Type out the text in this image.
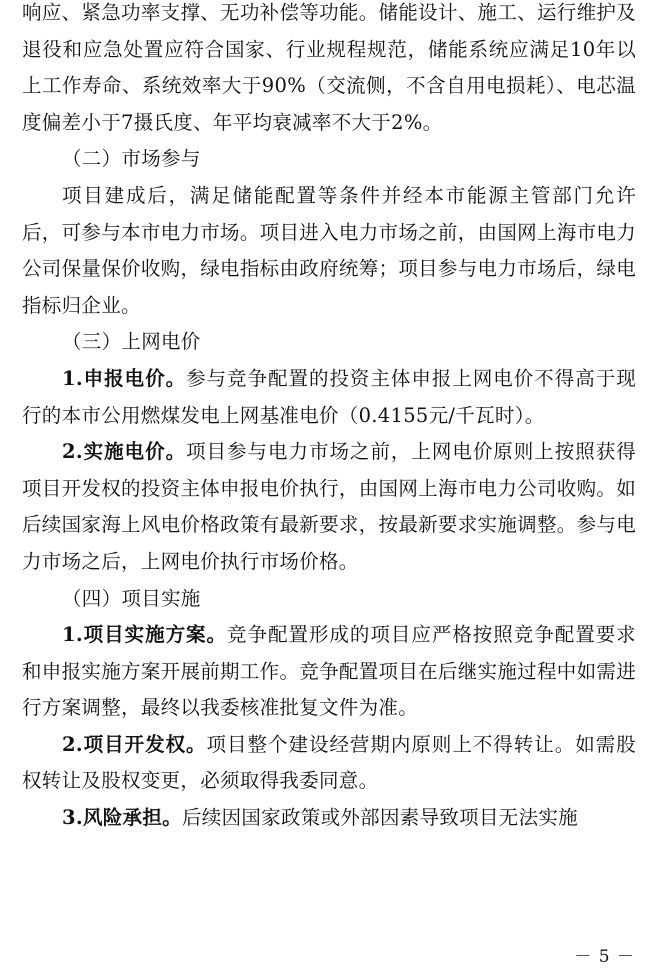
响应、紧急功率支撑、无功补偿等功能。储能设计、施工、运行维护及退役和应急处置应符合国家、行业规程规范，储能系统应满足10年以上工作寿命、系统效率大于90%（交流侧，不含自用电损耗）、电芯温度偏差小于7摄氏度、年平均衰减率不大于2%。

（二）市场参与

项目建成后，满足储能配置等条件并经本市能源主管部门允许后，可参与本市电力市场。项目进入电力市场之前，由国网上海市电力公司保量保价收购，绿电指标由政府统筹；项目参与电力市场后，绿电指标归企业。

（三）上网电价

1.申报电价。参与竞争配置的投资主体申报上网电价不得高于现行的本市公用燃煤发电上网基准电价（0.4155元/千瓦时）。

2.实施电价。项目参与电力市场之前，上网电价原则上按照获得项目开发权的投资主体申报电价执行，由国网上海市电力公司收购。如后续国家海上风电价格政策有最新要求，按最新要求实施调整。参与电力市场之后，上网电价执行市场价格。

（四）项目实施

1.项目实施方案。竞争配置形成的项目应严格按照竞争配置要求和申报实施方案开展前期工作。竞争配置项目在后继实施过程中如需进行方案调整，最终以我委核准批复文件为准。

2.项目开发权。项目整个建设经营期内原则上不得转让。如需股权转让及股权变更，必须取得我委同意。

3.风险承担。后续因国家政策或外部因素导致项目无法实施

－ 5 －
